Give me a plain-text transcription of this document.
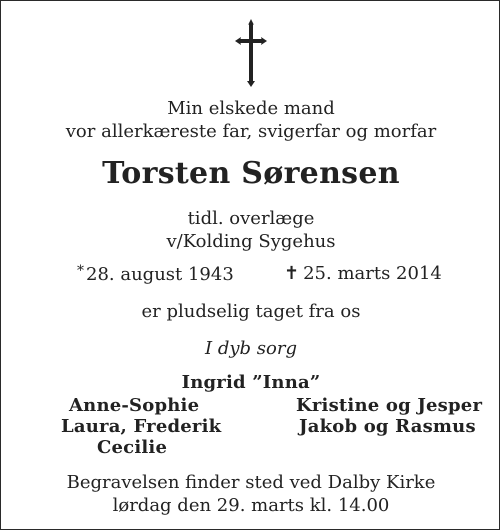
Min elskede mand
vor allerkæreste far, svigerfar og morfar
Torsten Sørensen
tidl. overlæge
v/Kolding Sygehus
* 28. august 1943	✝ 25. marts 2014
er pludselig taget fra os
I dyb sorg
Ingrid ”Inna”
Anne-Sophie
Laura, Frederik
Cecilie
Kristine og Jesper
Jakob og Rasmus
Begravelsen finder sted ved Dalby Kirke
lørdag den 29. marts kl. 14.00
